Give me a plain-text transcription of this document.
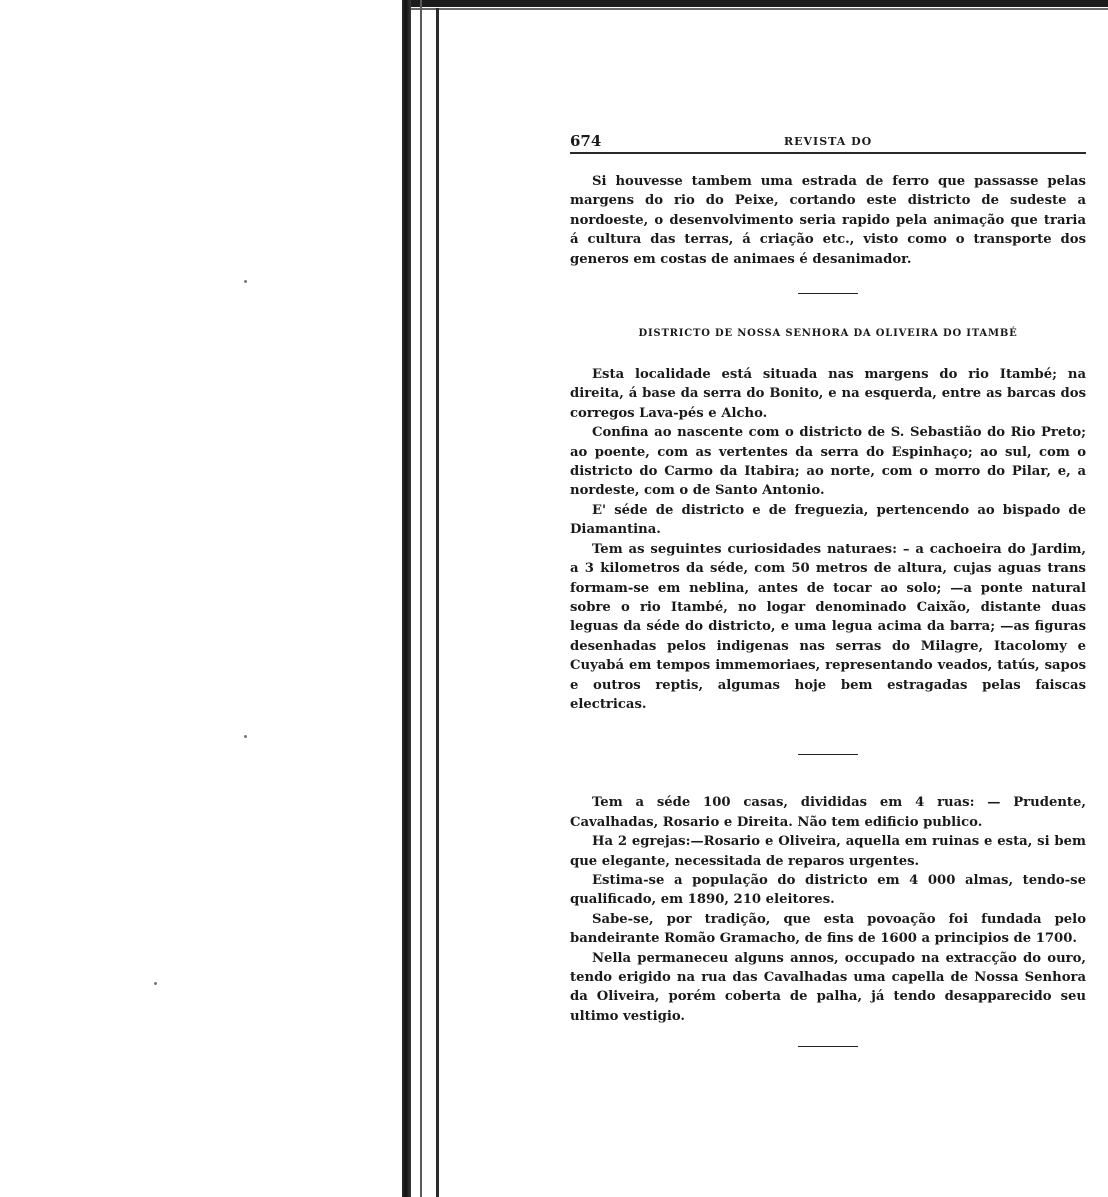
674	REVISTA DO

Si houvesse tambem uma estrada de ferro que passasse pelas margens do rio do Peixe, cortando este districto de sudeste a nordoeste, o desenvolvimento seria rapido pela animação que traria á cultura das terras, á criação etc., visto como o transporte dos generos em costas de animaes é desanimador.

DISTRICTO DE NOSSA SENHORA DA OLIVEIRA DO ITAMBÉ

Esta localidade está situada nas margens do rio Itambé; na direita, á base da serra do Bonito, e na esquerda, entre as barcas dos corregos Lava-pés e Alcho.

Confina ao nascente com o districto de S. Sebastião do Rio Preto; ao poente, com as vertentes da serra do Espinhaço; ao sul, com o districto do Carmo da Itabira; ao norte, com o morro do Pilar, e, a nordeste, com o de Santo Antonio.

E' séde de districto e de freguezia, pertencendo ao bispado de Diamantina.

Tem as seguintes curiosidades naturaes: – a cachoeira do Jardim, a 3 kilometros da séde, com 50 metros de altura, cujas aguas trans formam-se em neblina, antes de tocar ao solo; —a ponte natural sobre o rio Itambé, no logar denominado Caixão, distante duas leguas da séde do districto, e uma legua acima da barra; —as figuras desenhadas pelos indigenas nas serras do Milagre, Itacolomy e Cuyabá em tempos immemoriaes, representando veados, tatús, sapos e outros reptis, algumas hoje bem estragadas pelas faiscas electricas.

Tem a séde 100 casas, divididas em 4 ruas: — Prudente, Cavalhadas, Rosario e Direita. Não tem edificio publico.

Ha 2 egrejas:—Rosario e Oliveira, aquella em ruinas e esta, si bem que elegante, necessitada de reparos urgentes.

Estima-se a população do districto em 4 000 almas, tendo-se qualificado, em 1890, 210 eleitores.

Sabe-se, por tradição, que esta povoação foi fundada pelo bandeirante Romão Gramacho, de fins de 1600 a principios de 1700.

Nella permaneceu alguns annos, occupado na extracção do ouro, tendo erigido na rua das Cavalhadas uma capella de Nossa Senhora da Oliveira, porém coberta de palha, já tendo desapparecido seu ultimo vestigio.
